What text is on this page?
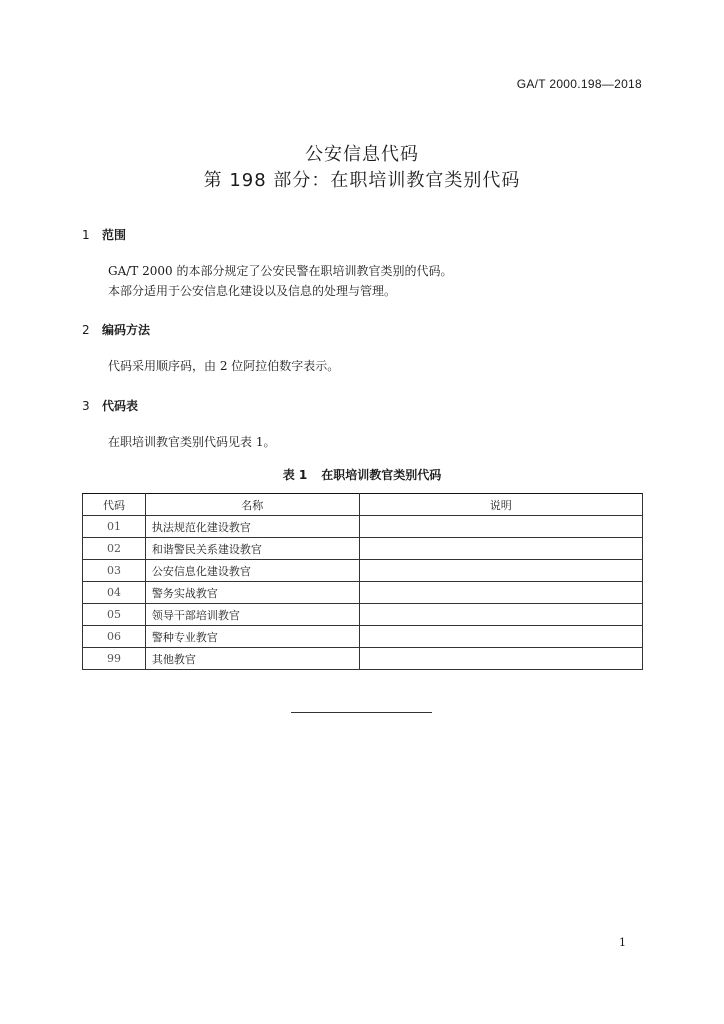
GA/T 2000.198—2018
公安信息代码
第 198 部分：在职培训教官类别代码
1 范围
GA/T 2000 的本部分规定了公安民警在职培训教官类别的代码。
本部分适用于公安信息化建设以及信息的处理与管理。
2 编码方法
代码采用顺序码，由 2 位阿拉伯数字表示。
3 代码表
在职培训教官类别代码见表 1。
表 1 在职培训教官类别代码
代码	名称	说明
01	执法规范化建设教官	
02	和谐警民关系建设教官	
03	公安信息化建设教官	
04	警务实战教官	
05	领导干部培训教官	
06	警种专业教官	
99	其他教官	
1
